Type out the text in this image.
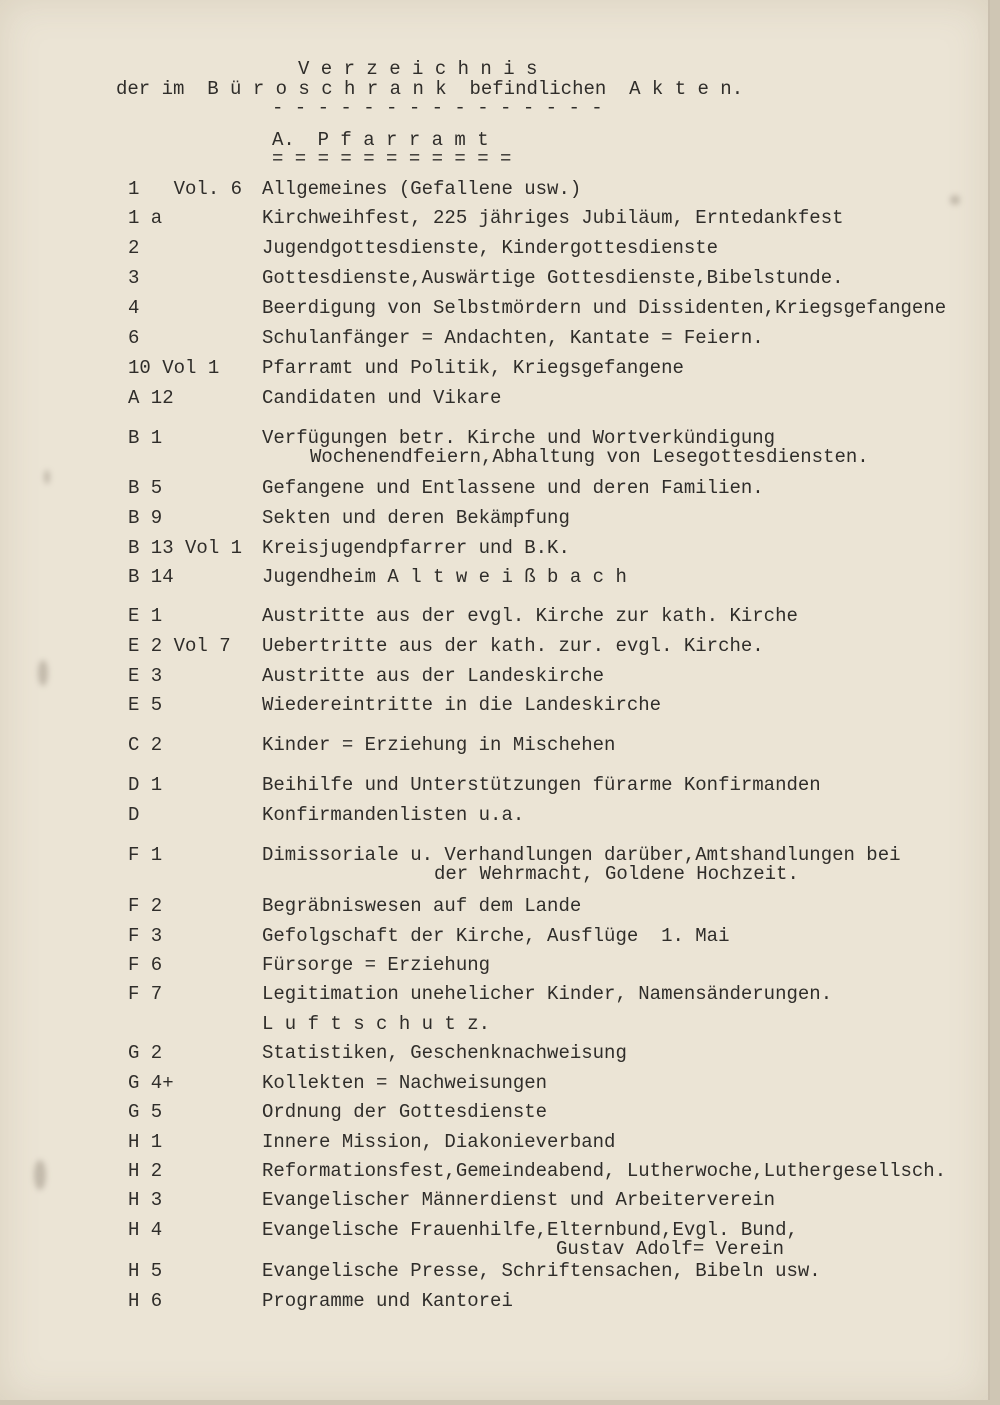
V e r z e i c h n i s
der im  B ü r o s c h r a n k  befindlichen  A k t e n.
- - - - - - - - - - - - - - -
A.  P f a r r a m t
= = = = = = = = = = =
1   Vol. 6 Allgemeines (Gefallene usw.)
1 a	Kirchweihfest, 225 jähriges Jubiläum, Erntedankfest
2	Jugendgottesdienste, Kindergottesdienste
3	Gottesdienste,Auswärtige Gottesdienste,Bibelstunde.
4	Beerdigung von Selbstmördern und Dissidenten,Kriegsgefangene
6	Schulanfänger = Andachten, Kantate = Feiern.
10 Vol 1 Pfarramt und Politik, Kriegsgefangene
A 12	Candidaten und Vikare
B 1	Verfügungen betr. Kirche und Wortverkündigung
Wochenendfeiern,Abhaltung von Lesegottesdiensten.
B 5	Gefangene und Entlassene und deren Familien.
B 9	Sekten und deren Bekämpfung
B 13 Vol 1 Kreisjugendpfarrer und B.K.
B 14	Jugendheim A l t w e i ß b a c h
E 1	Austritte aus der evgl. Kirche zur kath. Kirche
E 2 Vol 7 Uebertritte aus der kath. zur. evgl. Kirche.
E 3	Austritte aus der Landeskirche
E 5	Wiedereintritte in die Landeskirche
C 2	Kinder = Erziehung in Mischehen
D 1	Beihilfe und Unterstützungen fürarme Konfirmanden
D	Konfirmandenlisten u.a.
F 1	Dimissoriale u. Verhandlungen darüber,Amtshandlungen bei
der Wehrmacht, Goldene Hochzeit.
F 2	Begräbniswesen auf dem Lande
F 3	Gefolgschaft der Kirche, Ausflüge  1. Mai
F 6	Fürsorge = Erziehung
F 7	Legitimation unehelicher Kinder, Namensänderungen.
L u f t s c h u t z.
G 2	Statistiken, Geschenknachweisung
G 4+	Kollekten = Nachweisungen
G 5	Ordnung der Gottesdienste
H 1	Innere Mission, Diakonieverband
H 2	Reformationsfest,Gemeindeabend, Lutherwoche,Luthergesellsch.
H 3	Evangelischer Männerdienst und Arbeiterverein
H 4	Evangelische Frauenhilfe,Elternbund,Evgl. Bund,
Gustav Adolf= Verein
H 5	Evangelische Presse, Schriftensachen, Bibeln usw.
H 6	Programme und Kantorei
